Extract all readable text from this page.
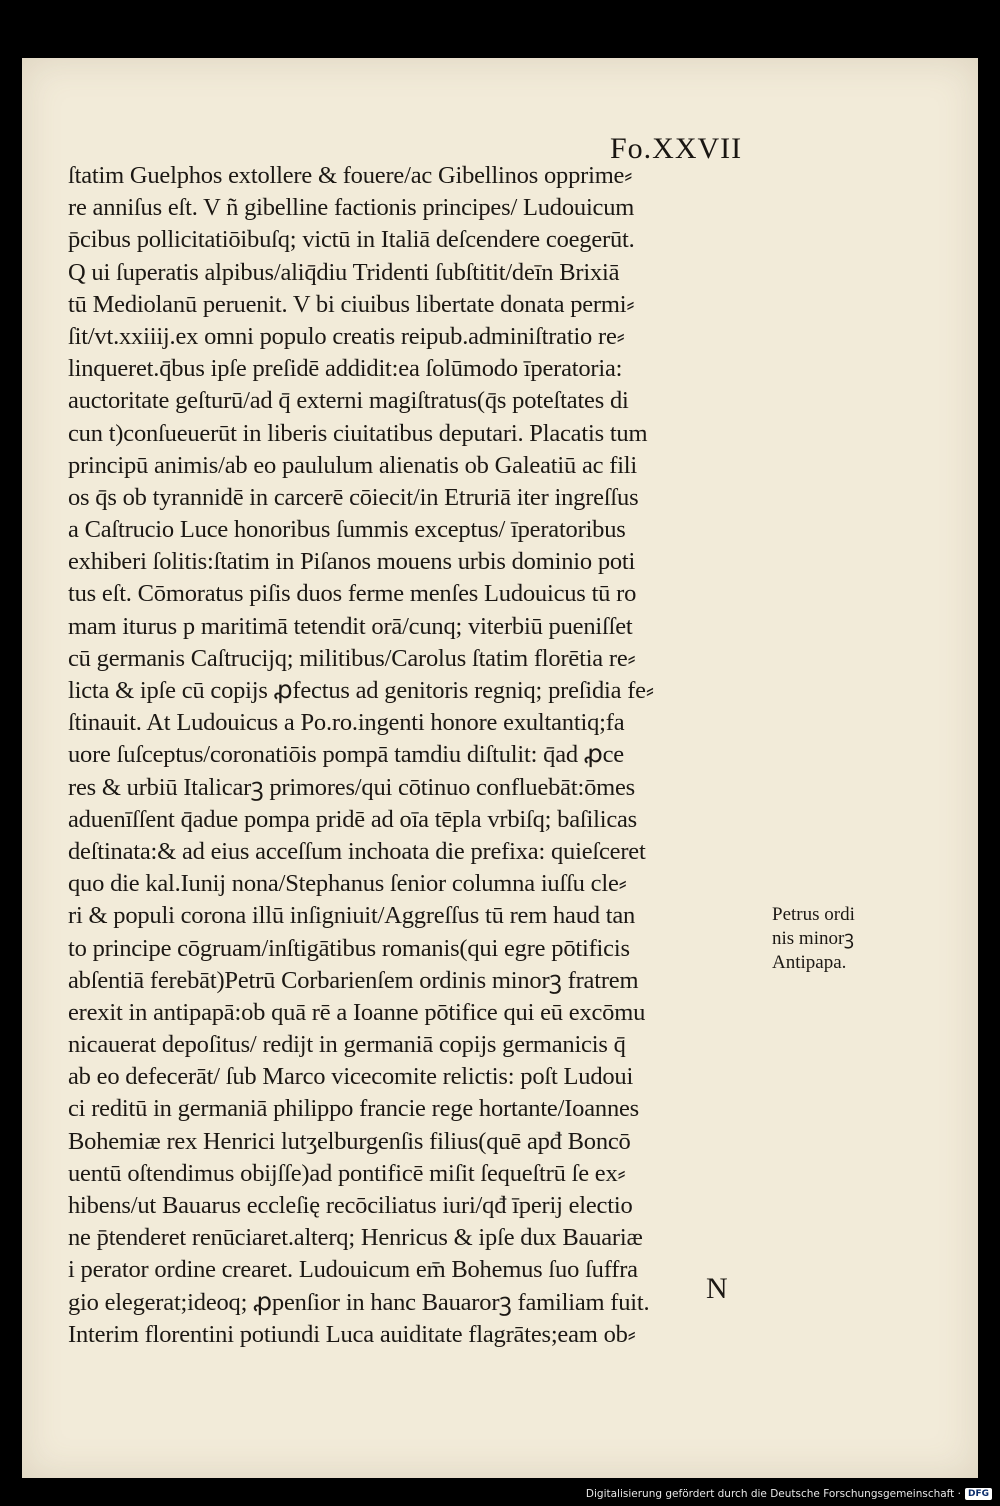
Fo.XXVII
ſtatim Guelphos extollere & fouere/ac Gibellinos opprime⸗
re anniſus eſt. V ñ gibelline factionis principes/ Ludouicum
p̄cibus pollicitatiōibuſq; victū in Italiā deſcendere coegerūt.
Q ui ſuperatis alpibus/aliq̄diu Tridenti ſubſtitit/deīn Brixiā
tū Mediolanū peruenit. V bi ciuibus libertate donata permi⸗
ſit/vt.xxiiij.ex omni populo creatis reipub.adminiſtratio re⸗
linqueret.q̄bus ipſe preſidē addidit:ea ſolūmodo īperatoria:
auctoritate geſturū/ad q̄ externi magiſtratus(q̄s poteſtates di
cun t)conſueuerūt in liberis ciuitatibus deputari. Placatis tum
principū animis/ab eo paululum alienatis ob Galeatiū ac fili
os q̄s ob tyrannidē in carcerē cōiecit/in Etruriā iter ingreſſus
a Caſtrucio Luce honoribus ſummis exceptus/ īperatoribus
exhiberi ſolitis:ſtatim in Piſanos mouens urbis dominio poti
tus eſt. Cōmoratus piſis duos ferme menſes Ludouicus tū ro
mam iturus p maritimā tetendit orā/cunq; viterbiū pueniſſet
cū germanis Caſtrucijq; militibus/Carolus ſtatim florētia re⸗
licta & ipſe cū copijs ꝓfectus ad genitoris regniq; preſidia fe⸗
ſtinauit. At Ludouicus a Po.ro.ingenti honore exultantiq;fa
uore ſuſceptus/coronatiōis pompā tamdiu diſtulit: q̄ad ꝓce
res & urbiū Italicarꝫ primores/qui cōtinuo confluebāt:ōmes
aduenīſſent q̄adue pompa pridē ad oīa tēpla vrbiſq; baſilicas
deſtinata:& ad eius acceſſum inchoata die prefixa: quieſceret
quo die kal.Iunij nona/Stephanus ſenior columna iuſſu cle⸗
ri & populi corona illū inſigniuit/Aggreſſus tū rem haud tan
to principe cōgruam/inſtigātibus romanis(qui egre pōtificis
abſentiā ferebāt)Petrū Corbarienſem ordinis minorꝫ fratrem
erexit in antipapā:ob quā rē a Ioanne pōtifice qui eū excōmu
nicauerat depoſitus/ redijt in germaniā copijs germanicis q̄
ab eo defecerāt/ ſub Marco vicecomite relictis: poſt Ludoui
ci reditū in germaniā philippo francie rege hortante/Ioannes
Bohemiæ rex Henrici lutʒelburgenſis filius(quē apđ Boncō
uentū oſtendimus obijſſe)ad pontificē miſit ſequeſtrū ſe ex⸗
hibens/ut Bauarus eccleſię recōciliatus iuri/qđ īperij electio
ne p̄tenderet renūciaret.alterq; Henricus & ipſe dux Bauariæ
i perator ordine crearet. Ludouicum em̄ Bohemus ſuo ſuffra
gio elegerat;ideoq; ꝓpenſior in hanc Bauarorꝫ familiam fuit.
Interim florentini potiundi Luca auiditate flagrātes;eam ob⸗
Petrus ordi
nis minorꝫ
Antipapa.
N
Digitalisierung gefördert durch die Deutsche Forschungsgemeinschaft · DFG
